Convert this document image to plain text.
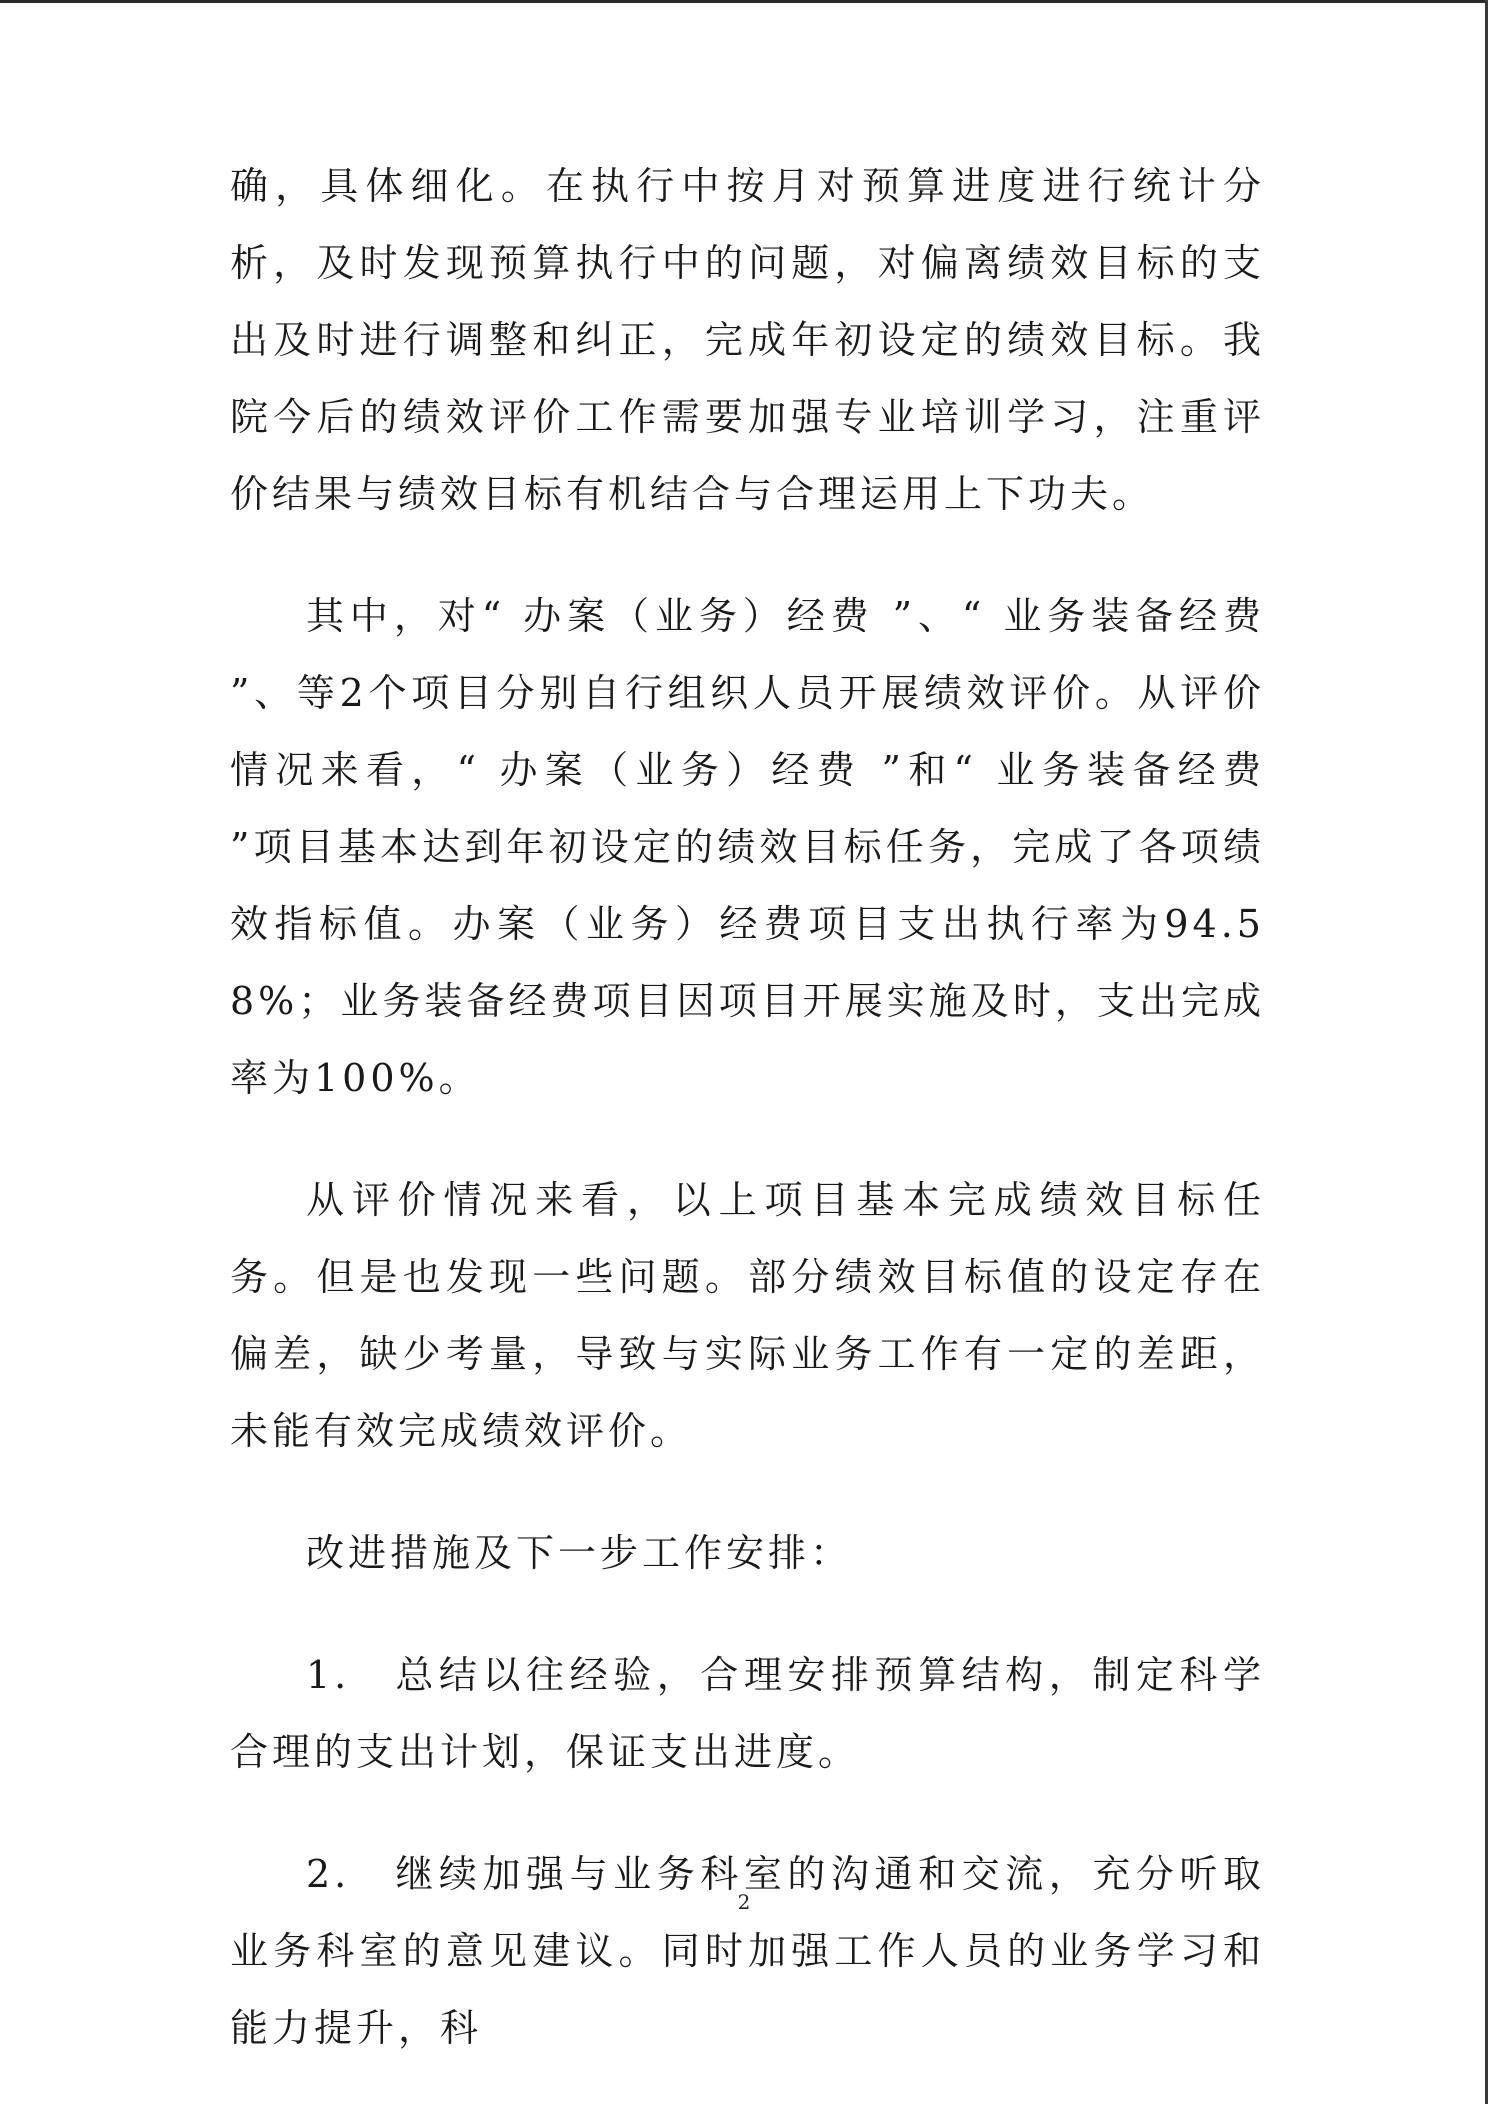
确，具体细化。在执行中按月对预算进度进行统计分析，及时发现预算执行中的问题，对偏离绩效目标的支出及时进行调整和纠正，完成年初设定的绩效目标。我院今后的绩效评价工作需要加强专业培训学习，注重评价结果与绩效目标有机结合与合理运用上下功夫。

其中，对“ 办案（业务）经费 ”、“ 业务装备经费 ”、等2个项目分别自行组织人员开展绩效评价。从评价情况来看，“ 办案（业务）经费 ”和“ 业务装备经费 ”项目基本达到年初设定的绩效目标任务，完成了各项绩效指标值。办案（业务）经费项目支出执行率为94.58%；业务装备经费项目因项目开展实施及时，支出完成率为100%。

从评价情况来看，以上项目基本完成绩效目标任务。但是也发现一些问题。部分绩效目标值的设定存在偏差，缺少考量，导致与实际业务工作有一定的差距，未能有效完成绩效评价。

改进措施及下一步工作安排：

1.　总结以往经验，合理安排预算结构，制定科学合理的支出计划，保证支出进度。

2.　继续加强与业务科室的沟通和交流，充分听取业务科室的意见建议。同时加强工作人员的业务学习和能力提升，科

2
